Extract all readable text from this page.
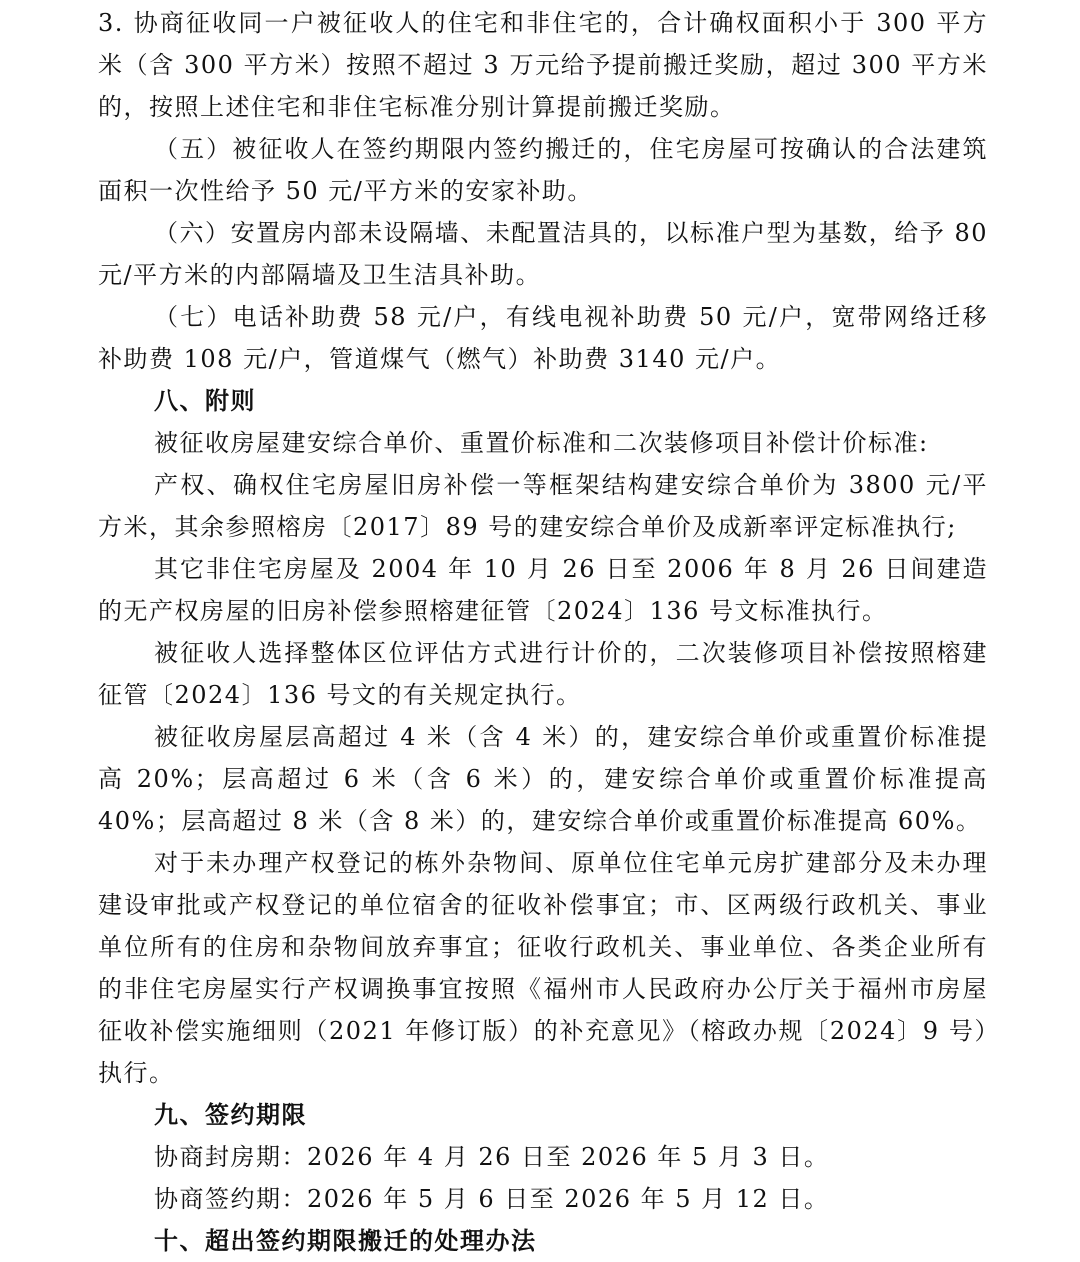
3. 协商征收同一户被征收人的住宅和非住宅的，合计确权面积小于 300 平方米（含 300 平方米）按照不超过 3 万元给予提前搬迁奖励，超过 300 平方米的，按照上述住宅和非住宅标准分别计算提前搬迁奖励。

（五）被征收人在签约期限内签约搬迁的，住宅房屋可按确认的合法建筑面积一次性给予 50 元/平方米的安家补助。

（六）安置房内部未设隔墙、未配置洁具的，以标准户型为基数，给予 80 元/平方米的内部隔墙及卫生洁具补助。

（七）电话补助费 58 元/户，有线电视补助费 50 元/户，宽带网络迁移补助费 108 元/户，管道煤气（燃气）补助费 3140 元/户。

八、附则

被征收房屋建安综合单价、重置价标准和二次装修项目补偿计价标准:

产权、确权住宅房屋旧房补偿一等框架结构建安综合单价为 3800 元/平方米，其余参照榕房〔2017〕89 号的建安综合单价及成新率评定标准执行;

其它非住宅房屋及 2004 年 10 月 26 日至 2006 年 8 月 26 日间建造的无产权房屋的旧房补偿参照榕建征管〔2024〕136 号文标准执行。

被征收人选择整体区位评估方式进行计价的，二次装修项目补偿按照榕建征管〔2024〕136 号文的有关规定执行。

被征收房屋层高超过 4 米（含 4 米）的，建安综合单价或重置价标准提高 20%；层高超过 6 米（含 6 米）的，建安综合单价或重置价标准提高 40%；层高超过 8 米（含 8 米）的，建安综合单价或重置价标准提高 60%。

对于未办理产权登记的栋外杂物间、原单位住宅单元房扩建部分及未办理建设审批或产权登记的单位宿舍的征收补偿事宜；市、区两级行政机关、事业单位所有的住房和杂物间放弃事宜；征收行政机关、事业单位、各类企业所有的非住宅房屋实行产权调换事宜按照《福州市人民政府办公厅关于福州市房屋征收补偿实施细则（2021 年修订版）的补充意见》（榕政办规〔2024〕9 号）执行。

九、签约期限

协商封房期：2026 年 4 月 26 日至 2026 年 5 月 3 日。

协商签约期：2026 年 5 月 6 日至 2026 年 5 月 12 日。

十、超出签约期限搬迁的处理办法
